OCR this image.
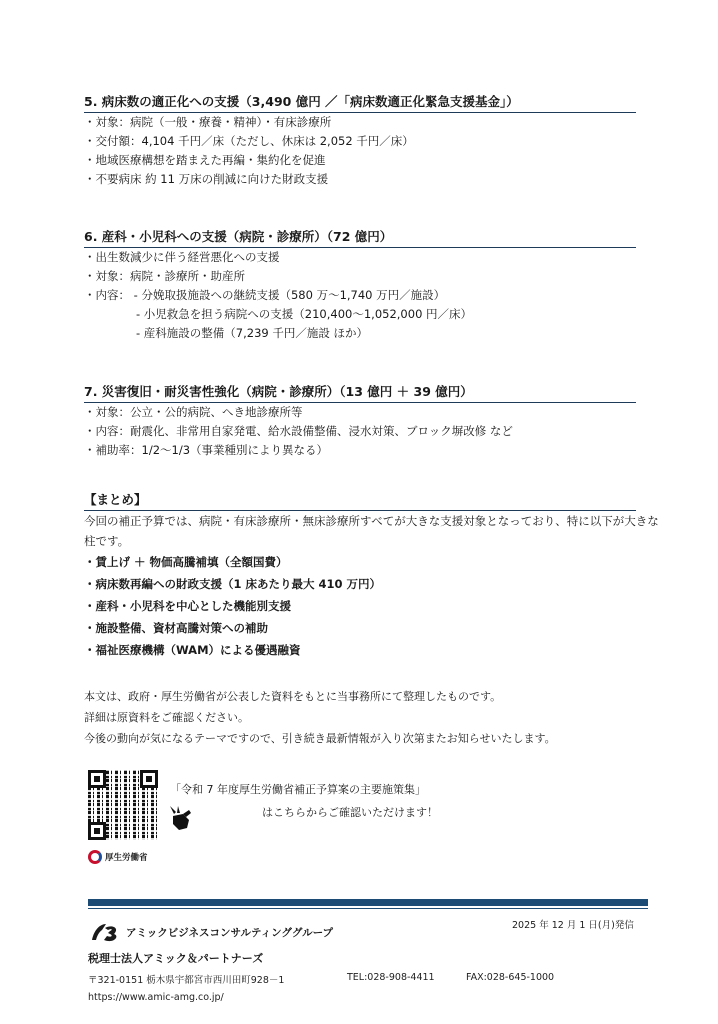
5. 病床数の適正化への支援（3,490 億円 ／「病床数適正化緊急支援基金」）
・対象：病院（一般・療養・精神）・有床診療所
・交付額：4,104 千円／床（ただし、休床は 2,052 千円／床）
・地域医療構想を踏まえた再編・集約化を促進
・不要病床 約 11 万床の削減に向けた財政支援
6. 産科・小児科への支援（病院・診療所）（72 億円）
・出生数減少に伴う経営悪化への支援
・対象：病院・診療所・助産所
・内容： - 分娩取扱施設への継続支援（580 万～1,740 万円／施設）
- 小児救急を担う病院への支援（210,400～1,052,000 円／床）
- 産科施設の整備（7,239 千円／施設 ほか）
7. 災害復旧・耐災害性強化（病院・診療所）（13 億円 ＋ 39 億円）
・対象：公立・公的病院、へき地診療所等
・内容：耐震化、非常用自家発電、給水設備整備、浸水対策、ブロック塀改修 など
・補助率：1/2～1/3（事業種別により異なる）
【まとめ】
今回の補正予算では、病院・有床診療所・無床診療所すべてが大きな支援対象となっており、特に以下が大きな柱です。
・賃上げ ＋ 物価高騰補填（全額国費）
・病床数再編への財政支援（1 床あたり最大 410 万円）
・産科・小児科を中心とした機能別支援
・施設整備、資材高騰対策への補助
・福祉医療機構（WAM）による優遇融資
本文は、政府・厚生労働省が公表した資料をもとに当事務所にて整理したものです。
詳細は原資料をご確認ください。
今後の動向が気になるテーマですので、引き続き最新情報が入り次第またお知らせいたします。
厚生労働省
「令和 7 年度厚生労働省補正予算案の主要施策集」
はこちらからご確認いただけます！
アミックビジネスコンサルティンググループ
2025 年 12 月 1 日(月)発信
税理士法人アミック＆パートナーズ
〒321-0151 栃木県宇都宮市西川田町928－1	TEL:028-908-4411	FAX:028-645-1000
https://www.amic-amg.co.jp/
